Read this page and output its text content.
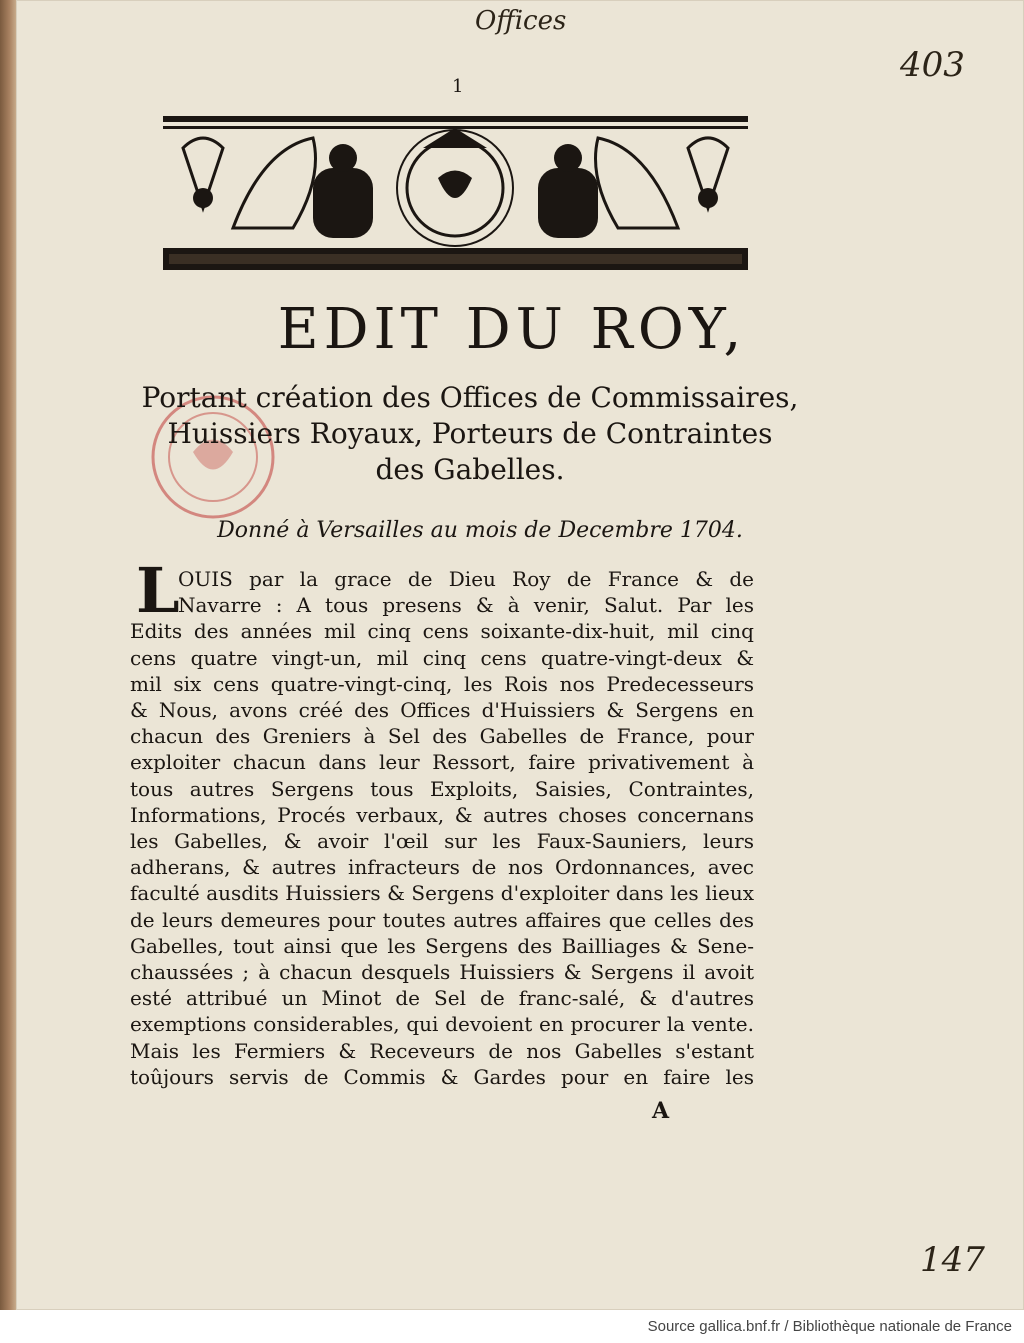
Offices
403
147
1
EDIT DU ROY,
Portant création des Offices de Commissaires,
Huissiers Royaux, Porteurs de Contraintes
des Gabelles.
Donné à Versailles au mois de Decembre 1704.
L
OUIS par la grace de Dieu Roy de France & de
Navarre : A tous presens & à venir, Salut. Par les
Edits des années mil cinq cens soixante-dix-huit, mil cinq
cens quatre vingt-un, mil cinq cens quatre-vingt-deux &
mil six cens quatre-vingt-cinq, les Rois nos Predecesseurs
& Nous, avons créé des Offices d'Huissiers & Sergens en
chacun des Greniers à Sel des Gabelles de France, pour
exploiter chacun dans leur Ressort, faire privativement à
tous autres Sergens tous Exploits, Saisies, Contraintes,
Informations, Procés verbaux, & autres choses concernans
les Gabelles, & avoir l'œil sur les Faux-Sauniers, leurs
adherans, & autres infracteurs de nos Ordonnances, avec
faculté ausdits Huissiers & Sergens d'exploiter dans les lieux
de leurs demeures pour toutes autres affaires que celles des
Gabelles, tout ainsi que les Sergens des Bailliages & Sene-
chaussées ; à chacun desquels Huissiers & Sergens il avoit
esté attribué un Minot de Sel de franc-salé, & d'autres
exemptions considerables, qui devoient en procurer la vente.
Mais les Fermiers & Receveurs de nos Gabelles s'estant
toûjours servis de Commis & Gardes pour en faire les
A
Source gallica.bnf.fr / Bibliothèque nationale de France
